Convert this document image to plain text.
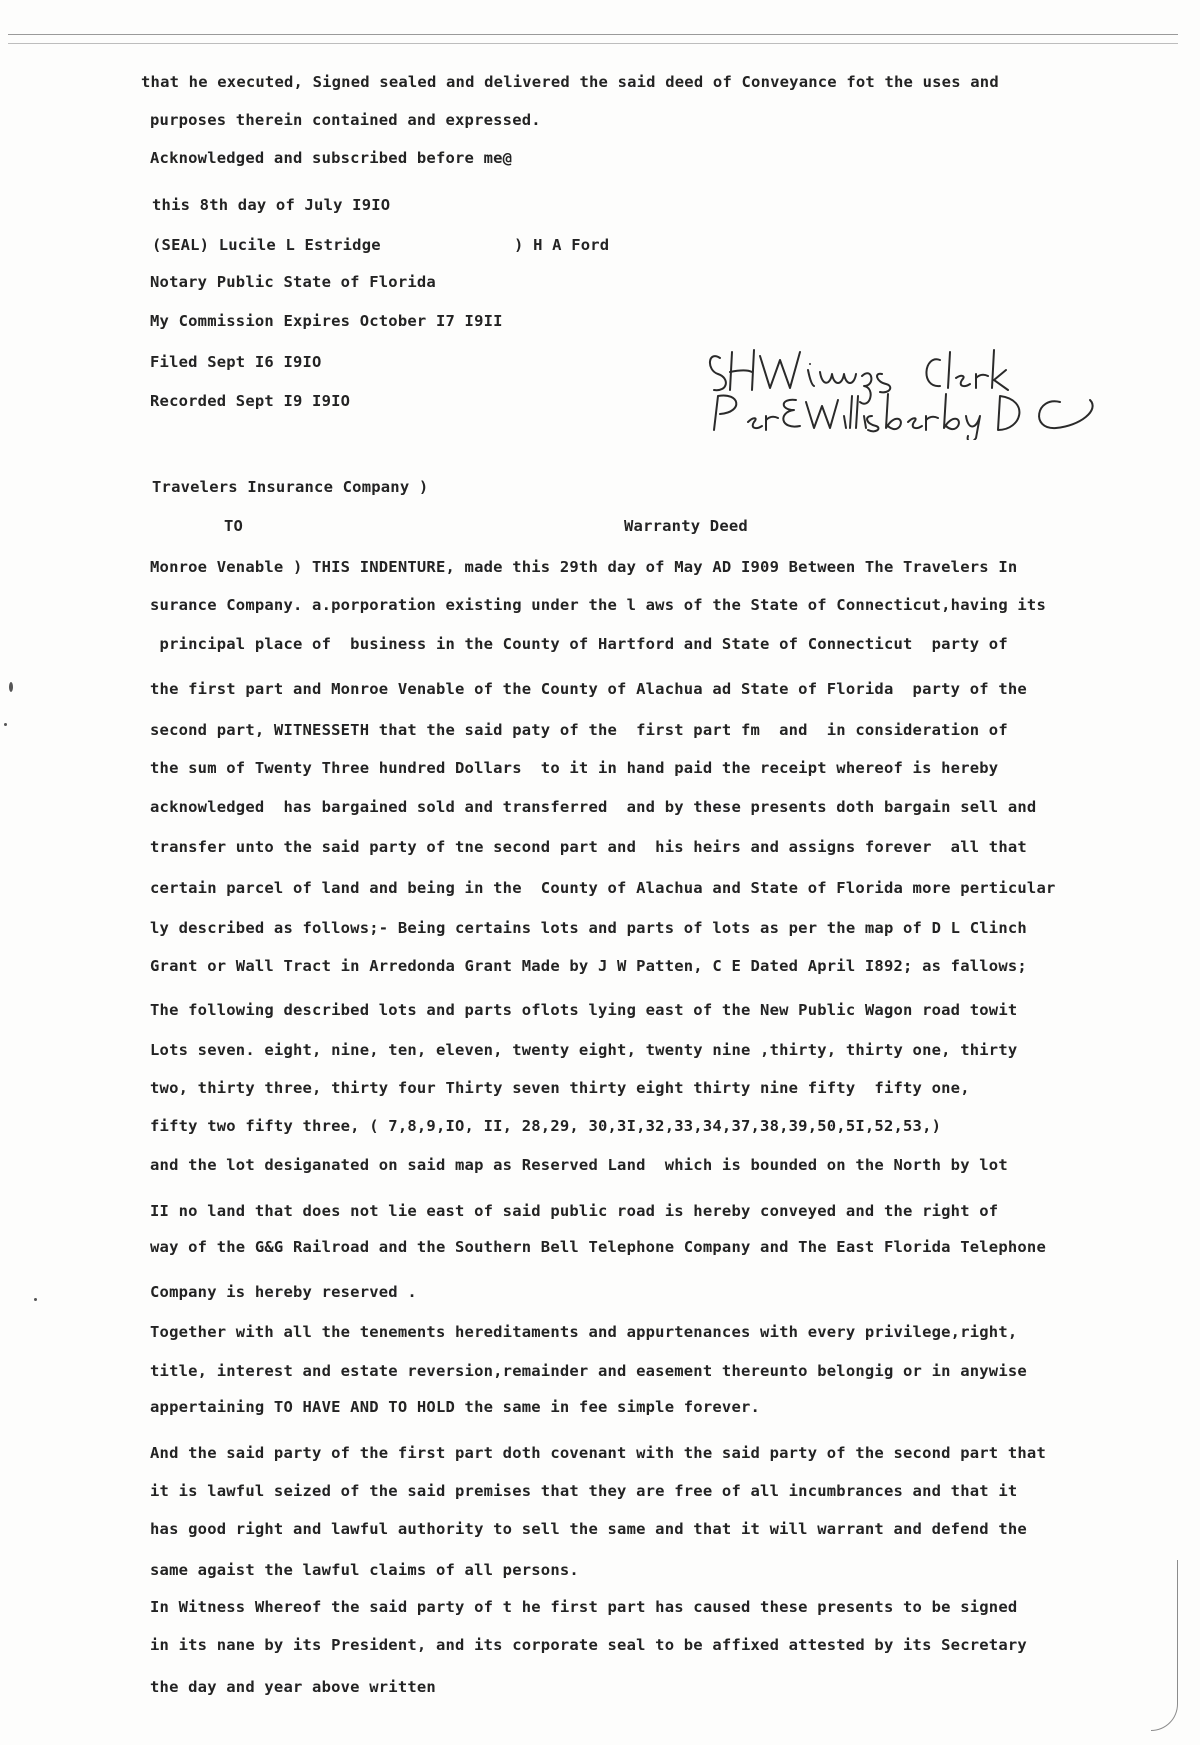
that he executed, Signed sealed and delivered the said deed of Conveyance fot the uses and
purposes therein contained and expressed.
Acknowledged and subscribed before me@
this 8th day of July I9IO
(SEAL) Lucile L Estridge	) H A Ford
Notary Public State of Florida
My Commission Expires October I7 I9II
Filed Sept I6 I9IO
Recorded Sept I9 I9IO
Travelers Insurance Company )
TO	Warranty Deed
Monroe Venable ) THIS INDENTURE, made this 29th day of May AD I909 Between The Travelers In
surance Company. a.porporation existing under the l aws of the State of Connecticut,having its
principal place of  business in the County of Hartford and State of Connecticut  party of
the first part and Monroe Venable of the County of Alachua ad State of Florida  party of the
second part, WITNESSETH that the said paty of the  first part fm  and  in consideration of
the sum of Twenty Three hundred Dollars  to it in hand paid the receipt whereof is hereby
acknowledged  has bargained sold and transferred  and by these presents doth bargain sell and
transfer unto the said party of tne second part and  his heirs and assigns forever  all that
certain parcel of land and being in the  County of Alachua and State of Florida more perticular
ly described as follows;- Being certains lots and parts of lots as per the map of D L Clinch
Grant or Wall Tract in Arredonda Grant Made by J W Patten, C E Dated April I892; as fallows;
The following described lots and parts oflots lying east of the New Public Wagon road towit
Lots seven. eight, nine, ten, eleven, twenty eight, twenty nine ,thirty, thirty one, thirty
two, thirty three, thirty four Thirty seven thirty eight thirty nine fifty  fifty one,
fifty two fifty three, ( 7,8,9,IO, II, 28,29, 30,3I,32,33,34,37,38,39,50,5I,52,53,)
and the lot desiganated on said map as Reserved Land  which is bounded on the North by lot
II no land that does not lie east of said public road is hereby conveyed and the right of
way of the G&G Railroad and the Southern Bell Telephone Company and The East Florida Telephone
Company is hereby reserved .
Together with all the tenements hereditaments and appurtenances with every privilege,right,
title, interest and estate reversion,remainder and easement thereunto belongig or in anywise
appertaining TO HAVE AND TO HOLD the same in fee simple forever.
And the said party of the first part doth covenant with the said party of the second part that
it is lawful seized of the said premises that they are free of all incumbrances and that it
has good right and lawful authority to sell the same and that it will warrant and defend the
same agaist the lawful claims of all persons.
In Witness Whereof the said party of t he first part has caused these presents to be signed
in its nane by its President, and its corporate seal to be affixed attested by its Secretary
the day and year above written
